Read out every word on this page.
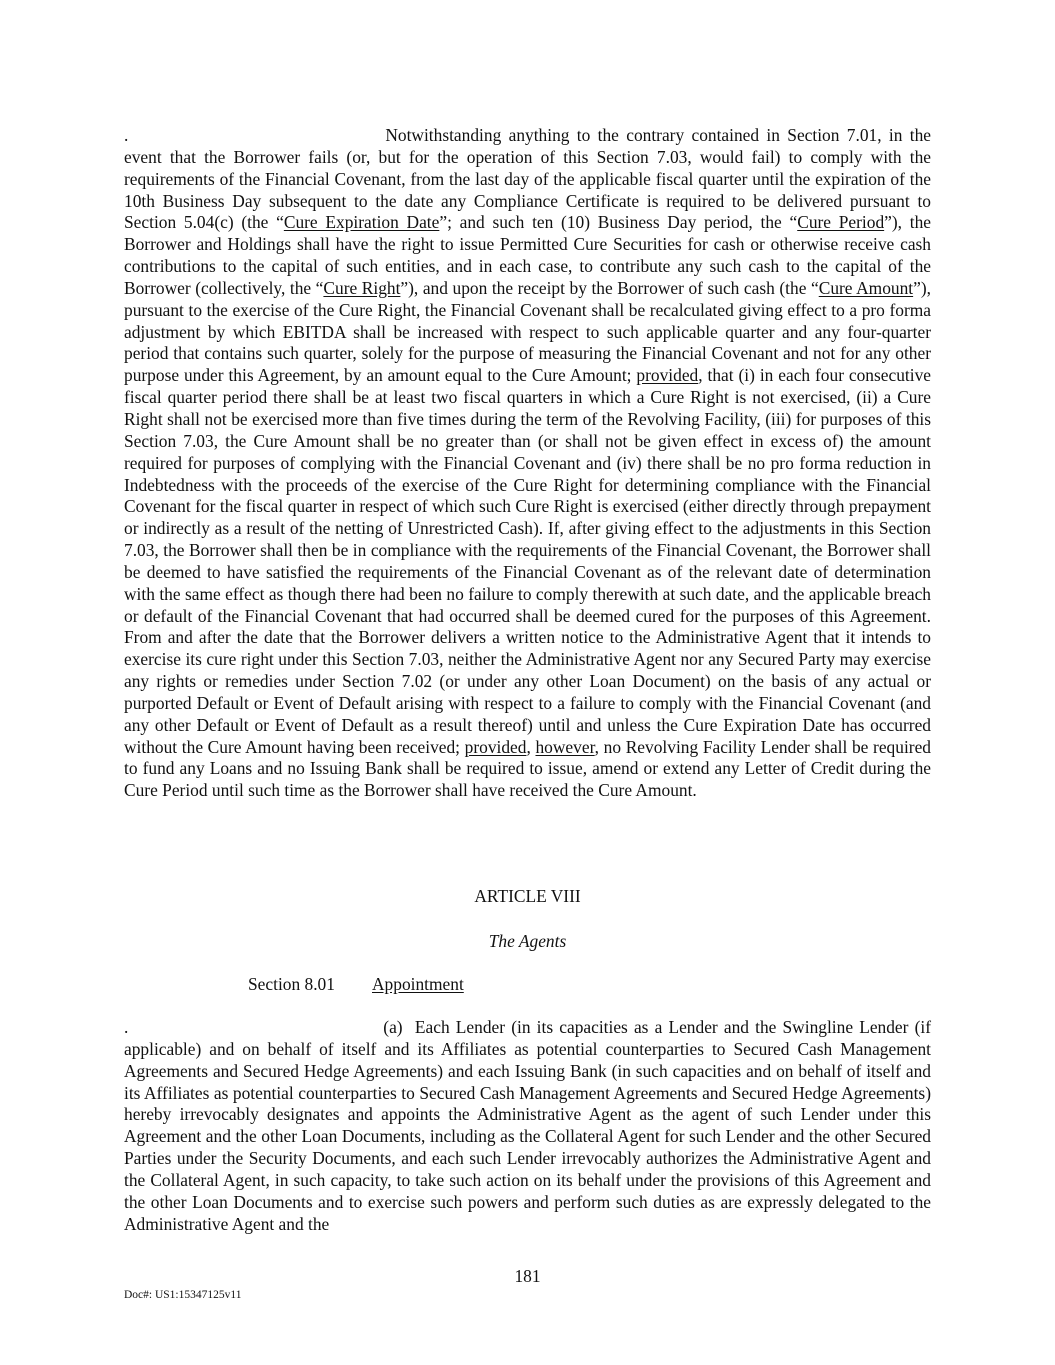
.	Notwithstanding anything to the contrary contained in Section 7.01, in the event that the Borrower fails (or, but for the operation of this Section 7.03, would fail) to comply with the requirements of the Financial Covenant, from the last day of the applicable fiscal quarter until the expiration of the 10th Business Day subsequent to the date any Compliance Certificate is required to be delivered pursuant to Section 5.04(c) (the “Cure Expiration Date”; and such ten (10) Business Day period, the “Cure Period”), the Borrower and Holdings shall have the right to issue Permitted Cure Securities for cash or otherwise receive cash contributions to the capital of such entities, and in each case, to contribute any such cash to the capital of the Borrower (collectively, the “Cure Right”), and upon the receipt by the Borrower of such cash (the “Cure Amount”), pursuant to the exercise of the Cure Right, the Financial Covenant shall be recalculated giving effect to a pro forma adjustment by which EBITDA shall be increased with respect to such applicable quarter and any four-quarter period that contains such quarter, solely for the purpose of measuring the Financial Covenant and not for any other purpose under this Agreement, by an amount equal to the Cure Amount; provided, that (i) in each four consecutive fiscal quarter period there shall be at least two fiscal quarters in which a Cure Right is not exercised, (ii) a Cure Right shall not be exercised more than five times during the term of the Revolving Facility, (iii) for purposes of this Section 7.03, the Cure Amount shall be no greater than (or shall not be given effect in excess of) the amount required for purposes of complying with the Financial Covenant and (iv) there shall be no pro forma reduction in Indebtedness with the proceeds of the exercise of the Cure Right for determining compliance with the Financial Covenant for the fiscal quarter in respect of which such Cure Right is exercised (either directly through prepayment or indirectly as a result of the netting of Unrestricted Cash). If, after giving effect to the adjustments in this Section 7.03, the Borrower shall then be in compliance with the requirements of the Financial Covenant, the Borrower shall be deemed to have satisfied the requirements of the Financial Covenant as of the relevant date of determination with the same effect as though there had been no failure to comply therewith at such date, and the applicable breach or default of the Financial Covenant that had occurred shall be deemed cured for the purposes of this Agreement. From and after the date that the Borrower delivers a written notice to the Administrative Agent that it intends to exercise its cure right under this Section 7.03, neither the Administrative Agent nor any Secured Party may exercise any rights or remedies under Section 7.02 (or under any other Loan Document) on the basis of any actual or purported Default or Event of Default arising with respect to a failure to comply with the Financial Covenant (and any other Default or Event of Default as a result thereof) until and unless the Cure Expiration Date has occurred without the Cure Amount having been received; provided, however, no Revolving Facility Lender shall be required to fund any Loans and no Issuing Bank shall be required to issue, amend or extend any Letter of Credit during the Cure Period until such time as the Borrower shall have received the Cure Amount.

ARTICLE VIII
The Agents
Section 8.01 Appointment

.	(a)  Each Lender (in its capacities as a Lender and the Swingline Lender (if applicable) and on behalf of itself and its Affiliates as potential counterparties to Secured Cash Management Agreements and Secured Hedge Agreements) and each Issuing Bank (in such capacities and on behalf of itself and its Affiliates as potential counterparties to Secured Cash Management Agreements and Secured Hedge Agreements) hereby irrevocably designates and appoints the Administrative Agent as the agent of such Lender under this Agreement and the other Loan Documents, including as the Collateral Agent for such Lender and the other Secured Parties under the Security Documents, and each such Lender irrevocably authorizes the Administrative Agent and the Collateral Agent, in such capacity, to take such action on its behalf under the provisions of this Agreement and the other Loan Documents and to exercise such powers and perform such duties as are expressly delegated to the Administrative Agent and the

181
Doc#: US1:15347125v11
